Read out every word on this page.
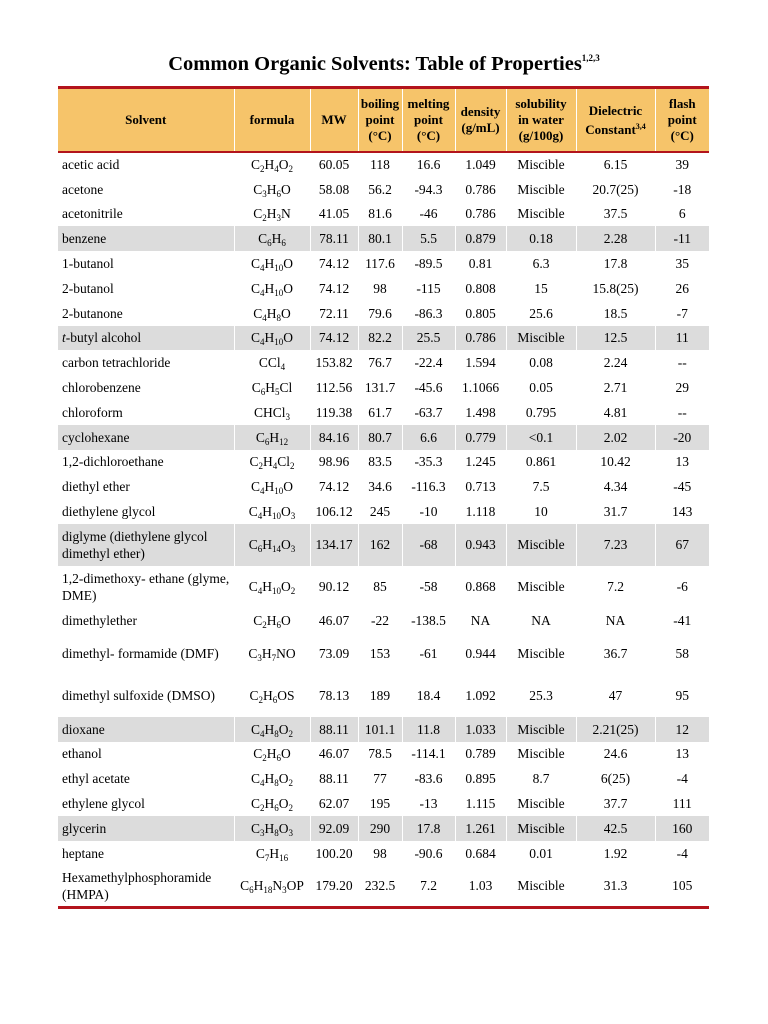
Common Organic Solvents: Table of Properties$^{1,2,3}$
Solvent	formula	MW	boiling
point
(°C)	melting
point
(°C)	density
(g/mL)	solubility
in water
(g/100g)	Dielectric
Constant$^{3,4}$	flash
point
(°C)
acetic acid	$C_2H_4O_2$	60.05	118	16.6	1.049	Miscible	6.15	39
acetone	$C_3H_6O$	58.08	56.2	-94.3	0.786	Miscible	20.7(25)	-18
acetonitrile	$C_2H_3N$	41.05	81.6	-46	0.786	Miscible	37.5	6
benzene	$C_6H_6$	78.11	80.1	5.5	0.879	0.18	2.28	-11
1-butanol	$C_4H_{10}O$	74.12	117.6	-89.5	0.81	6.3	17.8	35
2-butanol	$C_4H_{10}O$	74.12	98	-115	0.808	15	15.8(25)	26
2-butanone	$C_4H_8O$	72.11	79.6	-86.3	0.805	25.6	18.5	-7
t-butyl alcohol	$C_4H_{10}O$	74.12	82.2	25.5	0.786	Miscible	12.5	11
carbon tetrachloride	CCl$_4$	153.82	76.7	-22.4	1.594	0.08	2.24	--
chlorobenzene	$C_6H_5Cl$	112.56	131.7	-45.6	1.1066	0.05	2.71	29
chloroform	CHCl$_3$	119.38	61.7	-63.7	1.498	0.795	4.81	--
cyclohexane	$C_6H_{12}$	84.16	80.7	6.6	0.779	<0.1	2.02	-20
1,2-dichloroethane	$C_2H_4Cl_2$	98.96	83.5	-35.3	1.245	0.861	10.42	13
diethyl ether	$C_4H_{10}O$	74.12	34.6	-116.3	0.713	7.5	4.34	-45
diethylene glycol	$C_4H_{10}O_3$	106.12	245	-10	1.118	10	31.7	143
diglyme (diethylene glycol dimethyl ether)	$C_6H_{14}O_3$	134.17	162	-68	0.943	Miscible	7.23	67
1,2-dimethoxy- ethane (glyme, DME)	$C_4H_{10}O_2$	90.12	85	-58	0.868	Miscible	7.2	-6
dimethylether	$C_2H_6O$	46.07	-22	-138.5	NA	NA	NA	-41
dimethyl- formamide (DMF)	$C_3H_7NO$	73.09	153	-61	0.944	Miscible	36.7	58
dimethyl sulfoxide (DMSO)	$C_2H_6OS$	78.13	189	18.4	1.092	25.3	47	95
dioxane	$C_4H_8O_2$	88.11	101.1	11.8	1.033	Miscible	2.21(25)	12
ethanol	$C_2H_6O$	46.07	78.5	-114.1	0.789	Miscible	24.6	13
ethyl acetate	$C_4H_8O_2$	88.11	77	-83.6	0.895	8.7	6(25)	-4
ethylene glycol	$C_2H_6O_2$	62.07	195	-13	1.115	Miscible	37.7	111
glycerin	$C_3H_8O_3$	92.09	290	17.8	1.261	Miscible	42.5	160
heptane	$C_7H_{16}$	100.20	98	-90.6	0.684	0.01	1.92	-4
Hexamethylphosphoramide (HMPA)	$C_6H_{18}N_3OP$	179.20	232.5	7.2	1.03	Miscible	31.3	105
